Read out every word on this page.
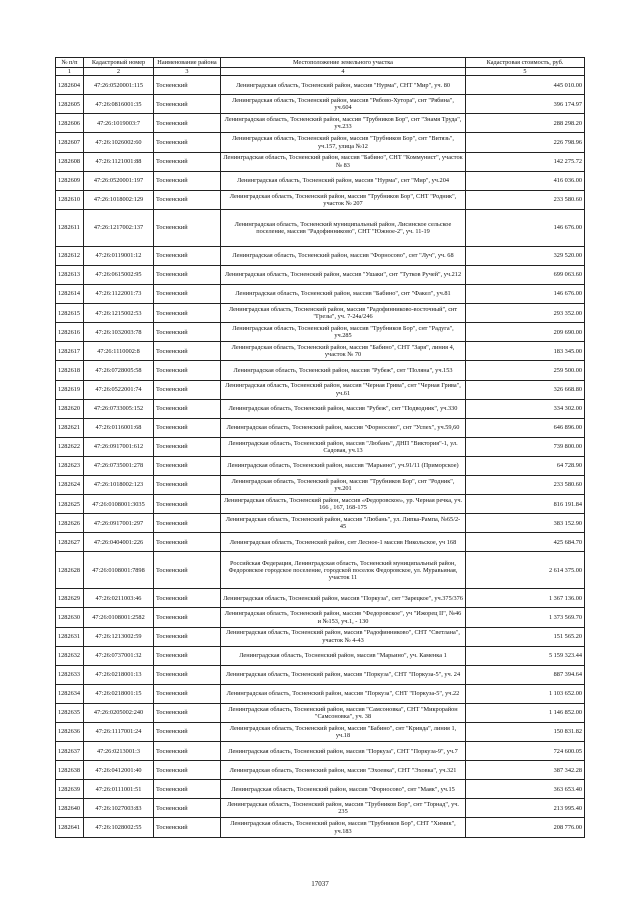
№ п/п	Кадастровый номер	Наименование района	Местоположение земельного участка	Кадастровая стоимость, руб.
1	2	3	4	5
1282604	47:26:0520001:115	Тосненский	Ленинградская область, Тосненский район, массив "Нурма", СНТ "Мир", уч. 80	445 010.00
1282605	47:26:0816001:35	Тосненский	Ленинградская область, Тосненский район, массив "Рябово-Хутора", снт "Рябина", уч.604	396 174.97
1282606	47:26:1019003:7	Тосненский	Ленинградская область, Тосненский район, массив "Трубников Бор", снт "Знамя Труда", уч.233	288 298.20
1282607	47:26:1026002:60	Тосненский	Ленинградская область, Тосненский район, массив "Трубников Бор", снт "Витязь", уч.157, улица №12	226 798.96
1282608	47:26:1121001:88	Тосненский	Ленинградская область, Тосненский район, массив "Бабино", СНТ "Коммунист", участок № 83	142 275.72
1282609	47:26:0520001:197	Тосненский	Ленинградская область, Тосненский район, массив "Нурма", снт "Мир", уч.204	416 036.00
1282610	47:26:1018002:129	Тосненский	Ленинградская область, Тосненский район, массив "Трубников Бор", СНТ "Родник", участок № 207	233 580.60
1282611	47:26:1217002:137	Тосненский	Ленинградская область, Тосненский муниципальный район, Лисинское сельское поселение, массив "Радофинниково", СНТ "Южное-2", уч. 11-19	146 676.00
1282612	47:26:0119001:12	Тосненский	Ленинградская область, Тосненский район, массив "Форносово", снт "Луч", уч. 68	329 520.00
1282613	47:26:0615002:95	Тосненский	Ленинградская область, Тосненский район, массив "Ушаки", снт "Тутков Ручей", уч.212	699 063.60
1282614	47:26:1122001:73	Тосненский	Ленинградская область, Тосненский район, массив "Бабино", снт "Факел", уч.81	146 676.00
1282615	47:26:1215002:53	Тосненский	Ленинградская область, Тосненский район, массив "Радофинниково-восточный", снт "Грезы", уч. 7-24а/246	293 352.00
1282616	47:26:1032003:78	Тосненский	Ленинградская область, Тосненский район, массив "Трубников Бор", снт "Радуга", уч.285	209 690.00
1282617	47:26:1110002:8	Тосненский	Ленинградская область, Тосненский район, массив "Бабино", СНТ "Заря", линия 4, участок № 70	183 345.00
1282618	47:26:0728005:58	Тосненский	Ленинградская область, Тосненский район, массив "Рубеж", снт "Поляна", уч.153	259 500.00
1282619	47:26:0522001:74	Тосненский	Ленинградская область, Тосненский район, массив "Черная Грива", снт "Черная Грива", уч.61	326 668.80
1282620	47:26:0733005:152	Тосненский	Ленинградская область, Тосненский район, массив "Рубеж", снт "Подводник", уч.330	334 302.00
1282621	47:26:0116001:68	Тосненский	Ленинградская область, Тосненский район, массив "Форносово", снт "Успех", уч.59,60	646 896.00
1282622	47:26:0917001:612	Тосненский	Ленинградская область, Тосненский район, массив "Любань", ДНП "Виктория"-1, ул. Садовая, уч.13	739 800.00
1282623	47:26:0735001:278	Тосненский	Ленинградская область, Тосненский район, массив "Марьино", уч.91/11 (Приморское)	64 728.90
1282624	47:26:1018002:123	Тосненский	Ленинградская область, Тосненский район, массив "Трубников Бор", снт "Родник", уч.201	233 580.60
1282625	47:26:0108001:3035	Тосненский	Ленинградская область, Тосненский район, массив «Федоровское», ур. Черная речка, уч. 166 , 167, 168-175	816 191.84
1282626	47:26:0917001:297	Тосненский	Ленинградская область, Тосненский район, массив "Любань", ул. Липка-Рампа, №65/2-45	383 152.90
1282627	47:26:0404001:226	Тосненский	Ленинградская область, Тосненский район, снт Лесное-1 массив Никольское, уч 168	425 684.70
1282628	47:26:0108001:7898	Тосненский	Российская Федерация, Ленинградская область, Тосненский муниципальный район, Федоровское городское поселение, городской поселок Федоровское, ул. Муравьиная, участок 11	2 614 375.00
1282629	47:26:0211003:46	Тосненский	Ленинградская область, Тосненский район, массив "Поркуза", снт "Зарецкое", уч.375/376	1 367 136.00
1282630	47:26:0108001:2582	Тосненский	Ленинградская область, Тосненский район, массив "Федоровское", уч "Ижорец II", №46 и №153, уч.1, - 130	1 373 569.70
1282631	47:26:1213002:59	Тосненский	Ленинградская область, Тосненский район, массив "Радофинниково", СНТ "Светлана", участок № 4-43	151 565.20
1282632	47:26:0737001:32	Тосненский	Ленинградская область, Тосненский район, массив "Марьино", уч. Каменка 1	5 159 323.44
1282633	47:26:0218001:13	Тосненский	Ленинградская область, Тосненский район, массив "Поркуза", СНТ "Поркуза-5", уч. 24	887 394.64
1282634	47:26:0218001:15	Тосненский	Ленинградская область, Тосненский район, массив "Поркуза", СНТ "Поркуза-5", уч.22	1 103 652.00
1282635	47:26:0205002:240	Тосненский	Ленинградская область, Тосненский район, массив "Самсоновка", СНТ "Микрорайон "Самсоновка", уч. 38	1 146 852.00
1282636	47:26:1117001:24	Тосненский	Ленинградская область, Тосненский район, массив "Бабино", снт "Кривда", линия 1, уч.18	150 831.82
1282637	47:26:0213001:3	Тосненский	Ленинградская область, Тосненский район, массив "Поркуза", СНТ "Поркуза-9", уч.7	724 600.05
1282638	47:26:0412001:40	Тосненский	Ленинградская область, Тосненский район, массив "Эхоевка", СНТ "Эховка", уч.321	387 342.28
1282639	47:26:0111001:51	Тосненский	Ленинградская область, Тосненский район, массив "Форносово", снт "Маяк", уч.15	363 653.40
1282640	47:26:1027003:83	Тосненский	Ленинградская область, Тосненский район, массив "Трубников Бор", снт "Торнад", уч. 235	213 995.40
1282641	47:26:1028002:55	Тосненский	Ленинградская область, Тосненский район, массив "Трубников Бор", СНТ "Химик", уч.183	208 776.00
17037
